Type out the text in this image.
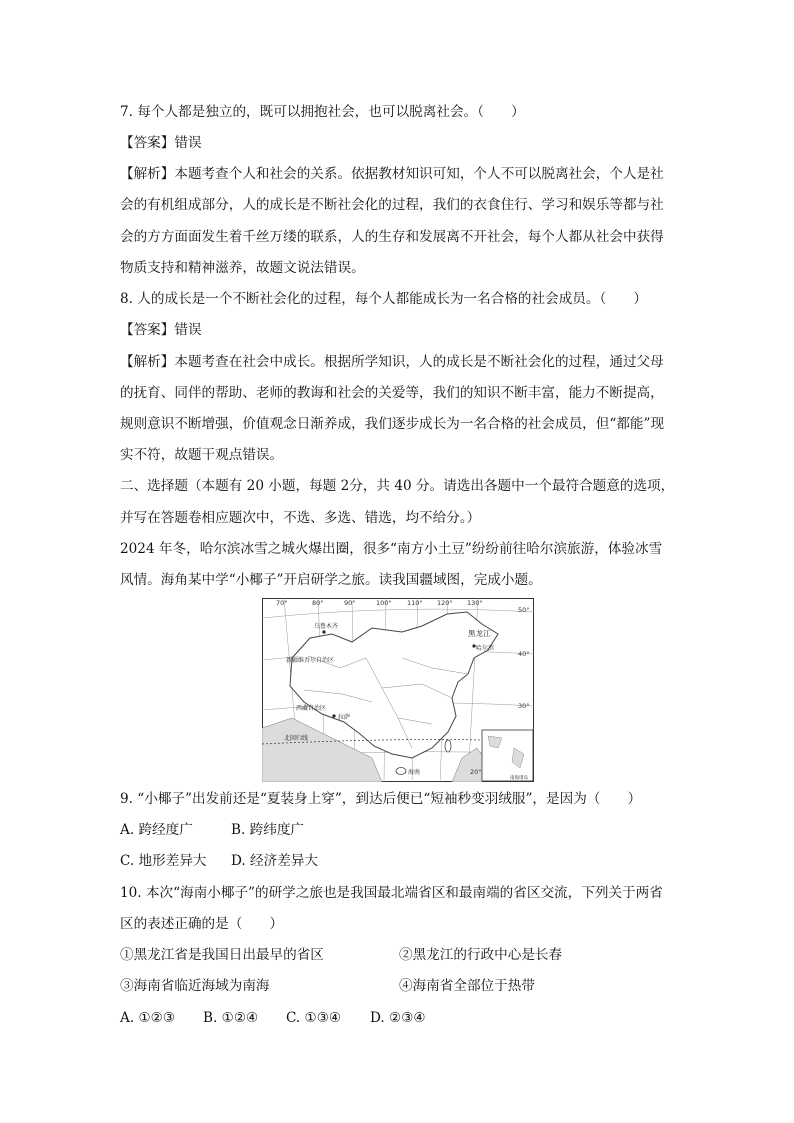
7. 每个人都是独立的，既可以拥抱社会，也可以脱离社会。（　　）
【答案】错误
【解析】本题考查个人和社会的关系。依据教材知识可知，个人不可以脱离社会，个人是社
会的有机组成部分，人的成长是不断社会化的过程，我们的衣食住行、学习和娱乐等都与社
会的方方面面发生着千丝万缕的联系，人的生存和发展离不开社会，每个人都从社会中获得
物质支持和精神滋养，故题文说法错误。
8. 人的成长是一个不断社会化的过程，每个人都能成长为一名合格的社会成员。（　　）
【答案】错误
【解析】本题考查在社会中成长。根据所学知识，人的成长是不断社会化的过程，通过父母
的抚育、同伴的帮助、老师的教诲和社会的关爱等，我们的知识不断丰富，能力不断提高，
规则意识不断增强，价值观念日渐养成，我们逐步成长为一名合格的社会成员，但“都能”现
实不符，故题干观点错误。
二、选择题（本题有 20 小题，每题 2分，共 40 分。请选出各题中一个最符合题意的选项，
并写在答题卷相应题次中，不选、多选、错选，均不给分。）
2024 年冬，哈尔滨冰雪之城火爆出圈，很多“南方小土豆”纷纷前往哈尔滨旅游，体验冰雪
风情。海角某中学“小椰子”开启研学之旅。读我国疆域图，完成小题。
70°	80°	90°	100° 110° 120° 130°
50°
40°
30°
20°
乌鲁木齐
新疆维吾尔自治区
黑龙江
哈尔滨
西藏自治区
拉萨
北回归线
海南
南海诸岛
9. “小椰子”出发前还是“夏装身上穿”，到达后便已“短袖秒变羽绒服”，是因为（　　）
A. 跨经度广	B. 跨纬度广
C. 地形差异大 D. 经济差异大
10. 本次“海南小椰子”的研学之旅也是我国最北端省区和最南端的省区交流，下列关于两省
区的表述正确的是（　　）
①黑龙江省是我国日出最早的省区	②黑龙江的行政中心是长春
③海南省临近海域为南海	④海南省全部位于热带
A. ①②③ B. ①②④ C. ①③④ D. ②③④
